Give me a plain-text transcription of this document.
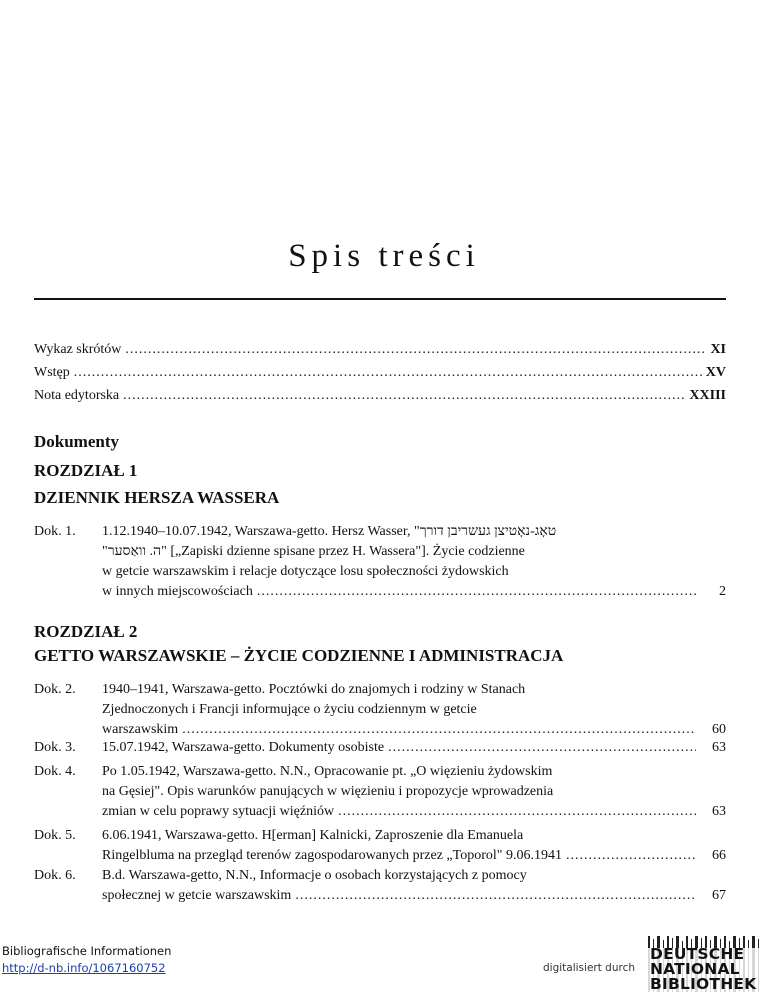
Spis treści
Wykaz skrótów .....	XI
Wstęp .....	XV
Nota edytorska .....	XXIII
Dokumenty
ROZDZIAŁ 1
DZIENNIK HERSZA WASSERA
Dok. 1. 1.12.1940–10.07.1942, Warszawa-getto. Hersz Wasser, "טאָג-נאָטיצן געשריבן דורך
"ה. וואַסער" [„Zapiski dzienne spisane przez H. Wassera"]. Życie codzienne
w getcie warszawskim i relacje dotyczące losu społeczności żydowskich
w innych miejscowościach .....	2
ROZDZIAŁ 2
GETTO WARSZAWSKIE – ŻYCIE CODZIENNE I ADMINISTRACJA
Dok. 2. 1940–1941, Warszawa-getto. Pocztówki do znajomych i rodziny w Stanach
Zjednoczonych i Francji informujące o życiu codziennym w getcie
warszawskim .....	60
Dok. 3. 15.07.1942, Warszawa-getto. Dokumenty osobiste .....	63
Dok. 4. Po 1.05.1942, Warszawa-getto. N.N., Opracowanie pt. „O więzieniu żydowskim
na Gęsiej". Opis warunków panujących w więzieniu i propozycje wprowadzenia
zmian w celu poprawy sytuacji więźniów .....	63
Dok. 5. 6.06.1941, Warszawa-getto. H[erman] Kalnicki, Zaproszenie dla Emanuela
Ringelbluma na przegląd terenów zagospodarowanych przez „Toporol" 9.06.1941 .....	66
Dok. 6. B.d. Warszawa-getto, N.N., Informacje o osobach korzystających z pomocy
społecznej w getcie warszawskim .....	67
Bibliografische Informationen
http://d-nb.info/1067160752	digitalisiert durch
DEUTSCHE
NATIONAL
BIBLIOTHEK
